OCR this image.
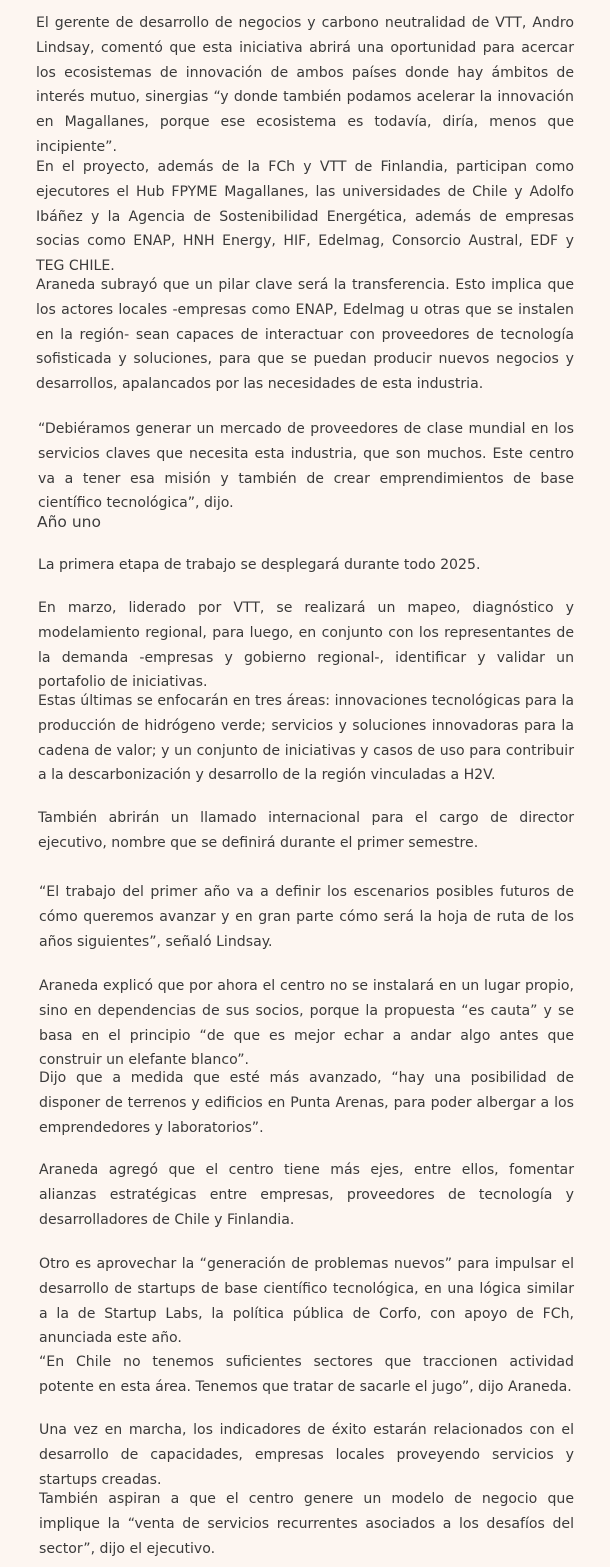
El gerente de desarrollo de negocios y carbono neutralidad de VTT, Andro Lindsay, comentó que esta iniciativa abrirá una oportunidad para acercar los ecosistemas de innovación de ambos países donde hay ámbitos de interés mutuo, sinergias “y donde también podamos acelerar la innovación en Magallanes, porque ese ecosistema es todavía, diría, menos que incipiente”.

En el proyecto, además de la FCh y VTT de Finlandia, participan como ejecutores el Hub FPYME Magallanes, las universidades de Chile y Adolfo Ibáñez y la Agencia de Sostenibilidad Energética, además de empresas socias como ENAP, HNH Energy, HIF, Edelmag, Consorcio Austral, EDF y TEG CHILE.

Araneda subrayó que un pilar clave será la transferencia. Esto implica que los actores locales -empresas como ENAP, Edelmag u otras que se instalen en la región- sean capaces de interactuar con proveedores de tecnología sofisticada y soluciones, para que se puedan producir nuevos negocios y desarrollos, apalancados por las necesidades de esta industria.

“Debiéramos generar un mercado de proveedores de clase mundial en los servicios claves que necesita esta industria, que son muchos. Este centro va a tener esa misión y también de crear emprendimientos de base científico tecnológica”, dijo.

Año uno

La primera etapa de trabajo se desplegará durante todo 2025.

En marzo, liderado por VTT, se realizará un mapeo, diagnóstico y modelamiento regional, para luego, en conjunto con los representantes de la demanda -empresas y gobierno regional-, identificar y validar un portafolio de iniciativas.

Estas últimas se enfocarán en tres áreas: innovaciones tecnológicas para la producción de hidrógeno verde; servicios y soluciones innovadoras para la cadena de valor; y un conjunto de iniciativas y casos de uso para contribuir a la descarbonización y desarrollo de la región vinculadas a H2V.

También abrirán un llamado internacional para el cargo de director ejecutivo, nombre que se definirá durante el primer semestre.

“El trabajo del primer año va a definir los escenarios posibles futuros de cómo queremos avanzar y en gran parte cómo será la hoja de ruta de los años siguientes”, señaló Lindsay.

Araneda explicó que por ahora el centro no se instalará en un lugar propio, sino en dependencias de sus socios, porque la propuesta “es cauta” y se basa en el principio “de que es mejor echar a andar algo antes que construir un elefante blanco”.

Dijo que a medida que esté más avanzado, “hay una posibilidad de disponer de terrenos y edificios en Punta Arenas, para poder albergar a los emprendedores y laboratorios”.

Araneda agregó que el centro tiene más ejes, entre ellos, fomentar alianzas estratégicas entre empresas, proveedores de tecnología y desarrolladores de Chile y Finlandia.

Otro es aprovechar la “generación de problemas nuevos” para impulsar el desarrollo de startups de base científico tecnológica, en una lógica similar a la de Startup Labs, la política pública de Corfo, con apoyo de FCh, anunciada este año.

“En Chile no tenemos suficientes sectores que traccionen actividad potente en esta área. Tenemos que tratar de sacarle el jugo”, dijo Araneda.

Una vez en marcha, los indicadores de éxito estarán relacionados con el desarrollo de capacidades, empresas locales proveyendo servicios y startups creadas.

También aspiran a que el centro genere un modelo de negocio que implique la “venta de servicios recurrentes asociados a los desafíos del sector”, dijo el ejecutivo.
